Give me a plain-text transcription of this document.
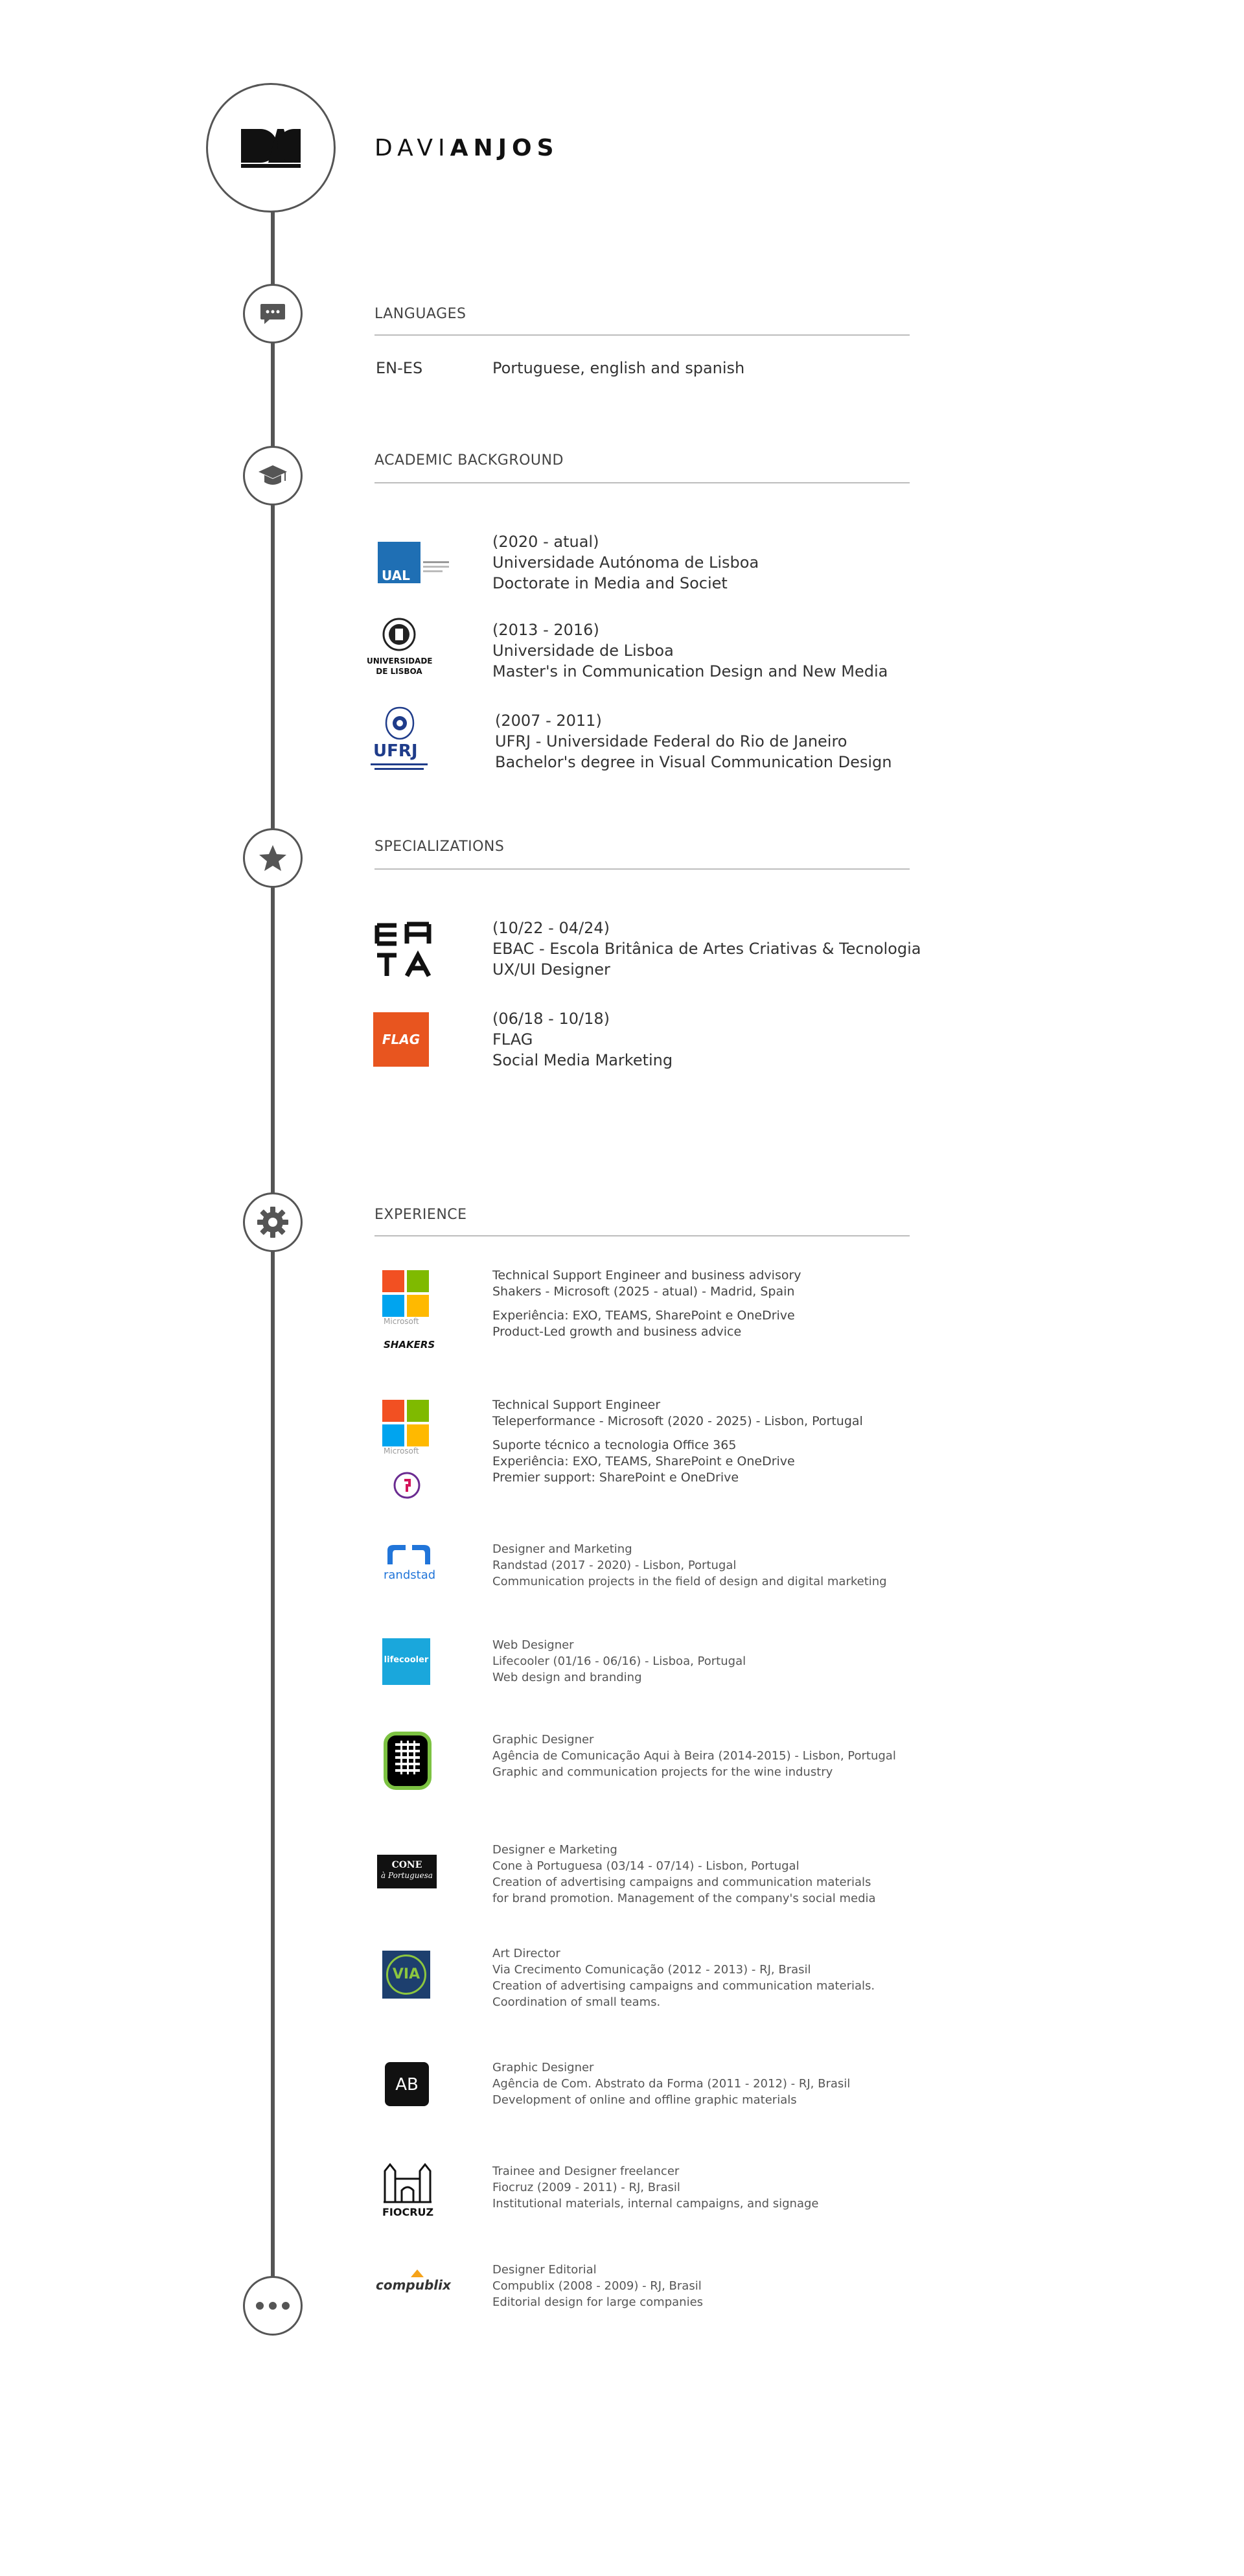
DAVIANJOS
LANGUAGES
EN-ES	Portuguese, english and spanish
ACADEMIC BACKGROUND
UAL
(2020 - atual)
Universidade Autónoma de Lisboa
Doctorate in Media and Societ
UNIVERSIDADE
DE LISBOA
(2013 - 2016)
Universidade de Lisboa
Master's in Communication Design and New Media
UFRJ
(2007 - 2011)
UFRJ - Universidade Federal do Rio de Janeiro
Bachelor's degree in Visual Communication Design
SPECIALIZATIONS
(10/22 - 04/24)
EBAC - Escola Britânica de Artes Criativas & Tecnologia
UX/UI Designer
FLAG
(06/18 - 10/18)
FLAG
Social Media Marketing
EXPERIENCE
Microsoft
SHAKERS
Technical Support Engineer and business advisory
Shakers - Microsoft (2025 - atual) - Madrid, Spain
Experiência: EXO, TEAMS, SharePoint e OneDrive
Product-Led growth and business advice
Microsoft
Technical Support Engineer
Teleperformance - Microsoft (2020 - 2025) - Lisbon, Portugal
Suporte técnico a tecnologia Office 365
Experiência: EXO, TEAMS, SharePoint e OneDrive
Premier support: SharePoint e OneDrive
randstad
Designer and Marketing
Randstad (2017 - 2020) - Lisbon, Portugal
Communication projects in the field of design and digital marketing
lifecooler
Web Designer
Lifecooler (01/16 - 06/16) - Lisboa, Portugal
Web design and branding
Graphic Designer
Agência de Comunicação Aqui à Beira (2014-2015) - Lisbon, Portugal
Graphic and communication projects for the wine industry
CONE
à Portuguesa
Designer e Marketing
Cone à Portuguesa (03/14 - 07/14) - Lisbon, Portugal
Creation of advertising campaigns and communication materials
for brand promotion. Management of the company's social media
VIA
Art Director
Via Crecimento Comunicação (2012 - 2013) - RJ, Brasil
Creation of advertising campaigns and communication materials.
Coordination of small teams.
AB
Graphic Designer
Agência de Com. Abstrato da Forma (2011 - 2012) - RJ, Brasil
Development of online and offline graphic materials
FIOCRUZ
Trainee and Designer freelancer
Fiocruz (2009 - 2011) - RJ, Brasil
Institutional materials, internal campaigns, and signage
compublix
Designer Editorial
Compublix (2008 - 2009) - RJ, Brasil
Editorial design for large companies
